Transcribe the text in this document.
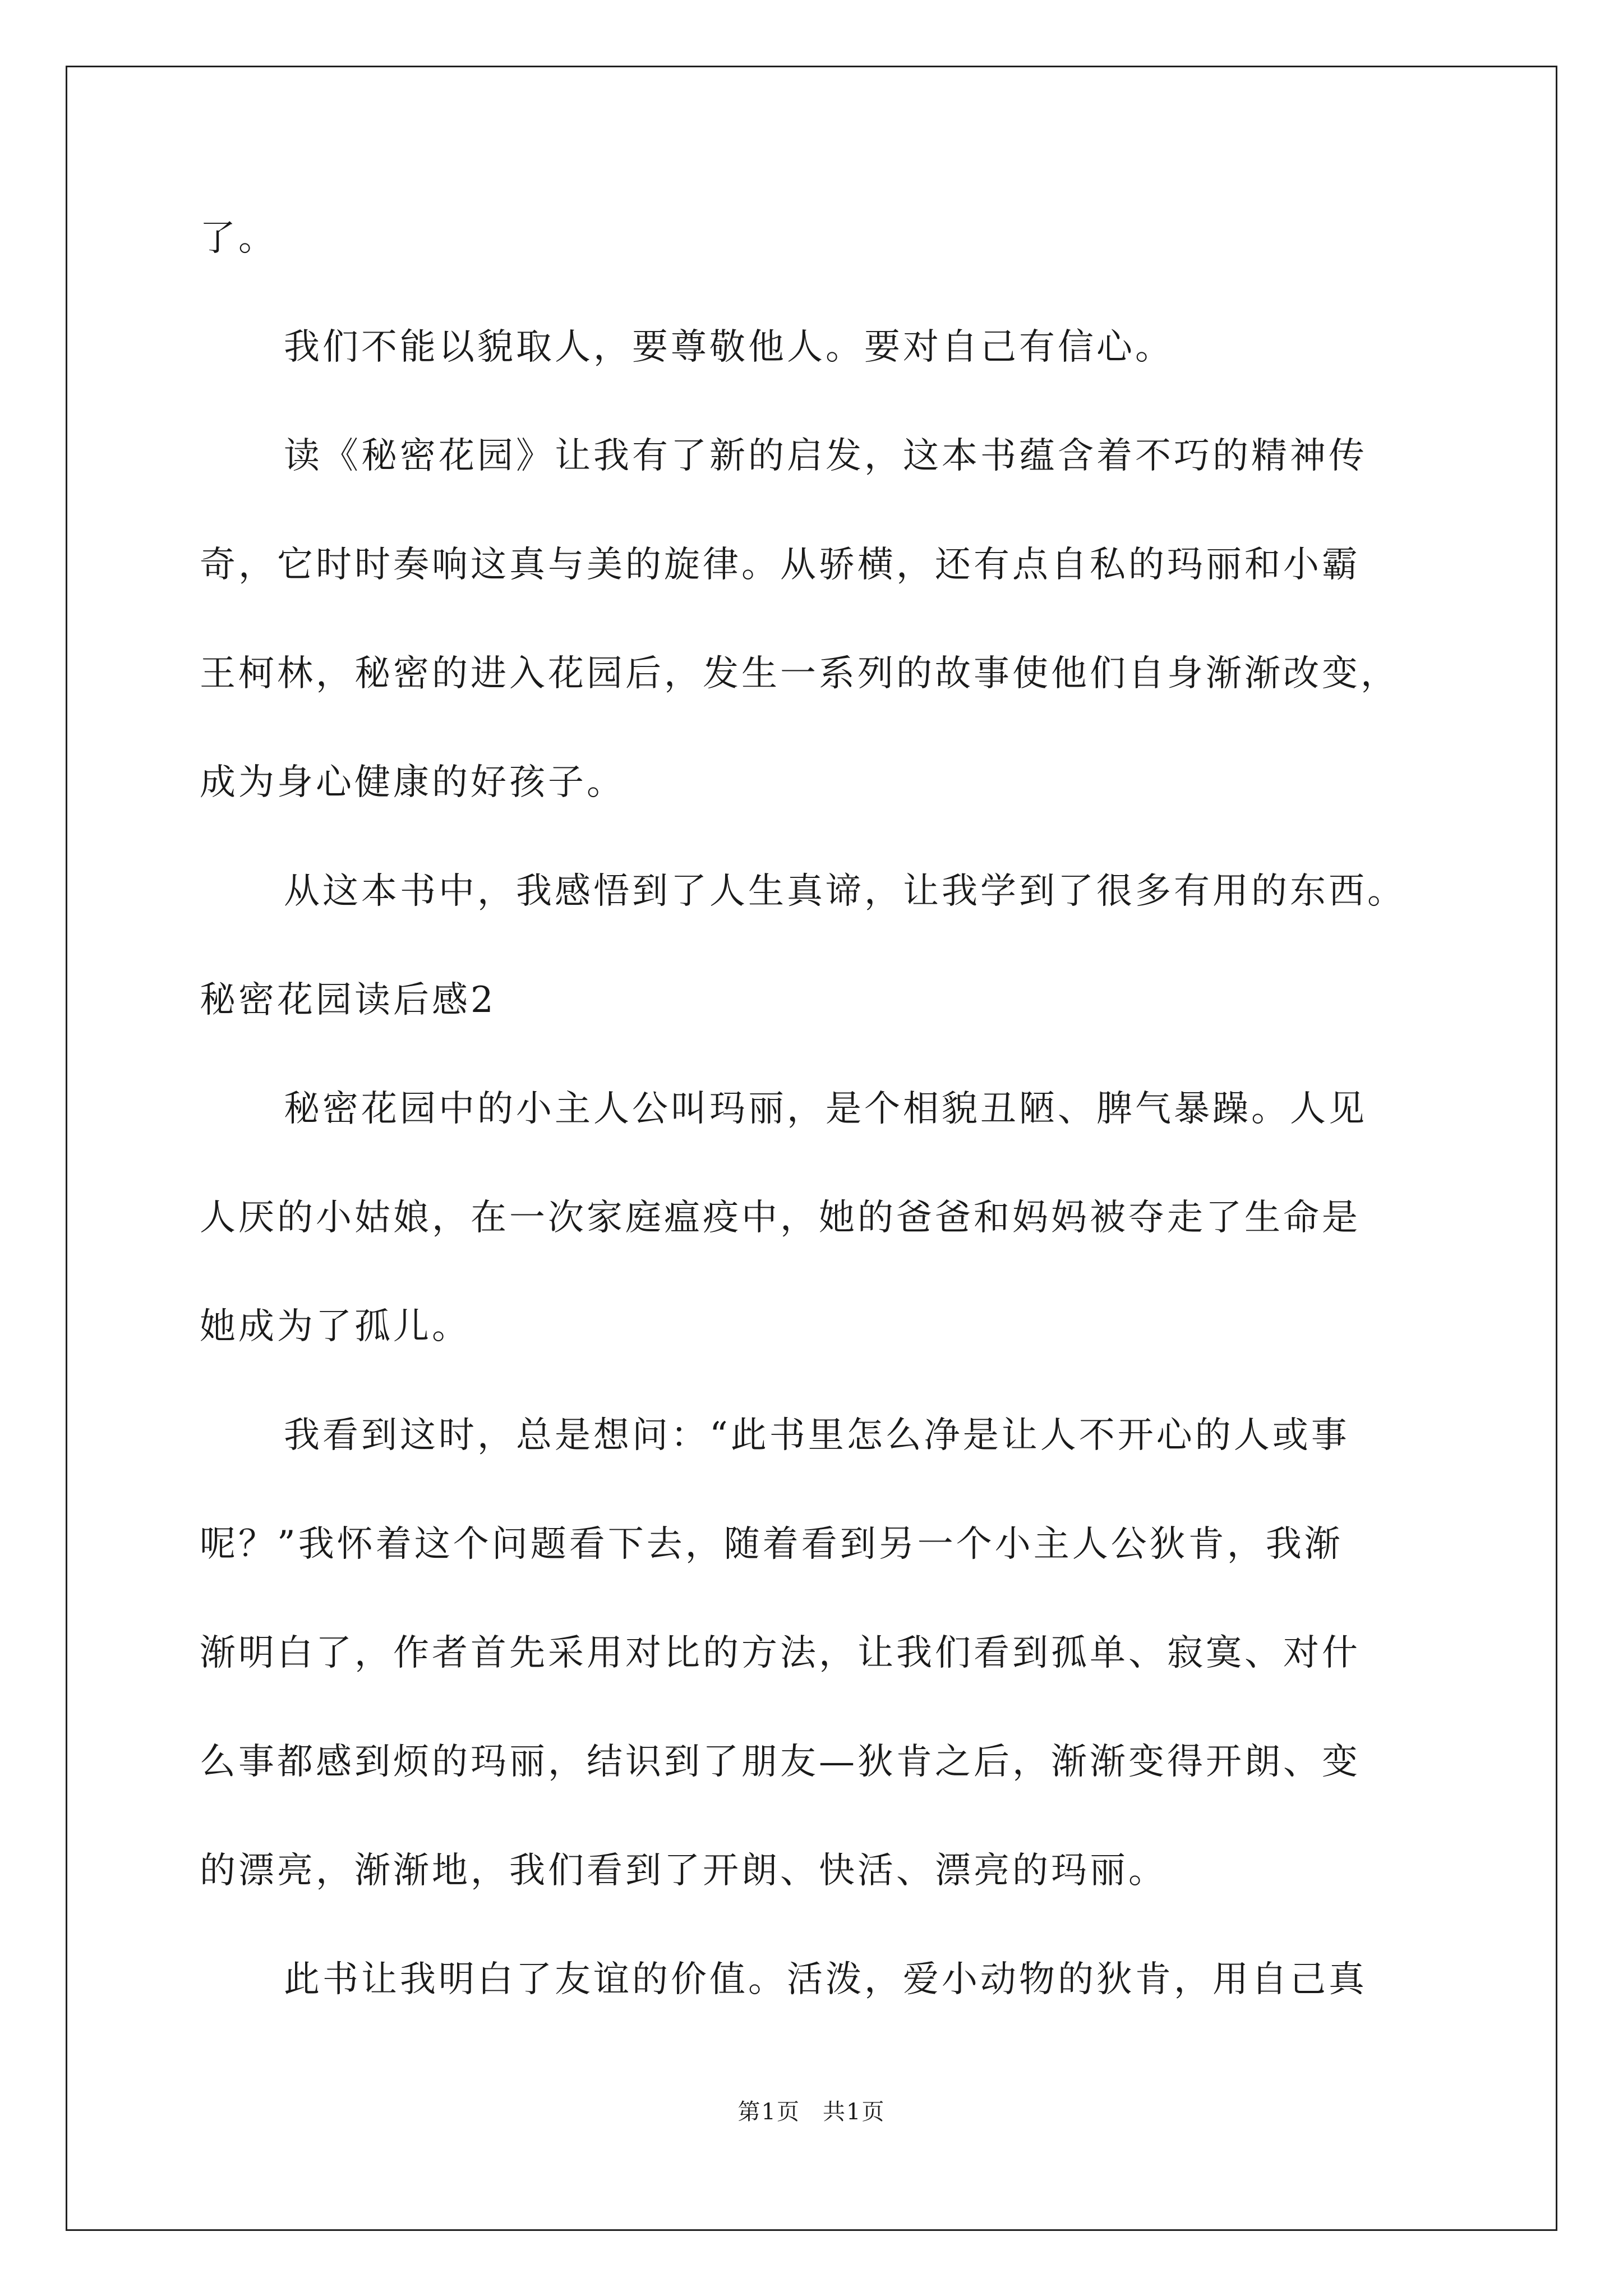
了。
我们不能以貌取人，要尊敬他人。要对自己有信心。
读《秘密花园》让我有了新的启发，这本书蕴含着不巧的精神传
奇，它时时奏响这真与美的旋律。从骄横，还有点自私的玛丽和小霸
王柯林，秘密的进入花园后，发生一系列的故事使他们自身渐渐改变，
成为身心健康的好孩子。
从这本书中，我感悟到了人生真谛，让我学到了很多有用的东西。
秘密花园读后感2
秘密花园中的小主人公叫玛丽，是个相貌丑陋、脾气暴躁。人见
人厌的小姑娘，在一次家庭瘟疫中，她的爸爸和妈妈被夺走了生命是
她成为了孤儿。
我看到这时，总是想问：“此书里怎么净是让人不开心的人或事
呢？”我怀着这个问题看下去，随着看到另一个小主人公狄肯，我渐
渐明白了，作者首先采用对比的方法，让我们看到孤单、寂寞、对什
么事都感到烦的玛丽，结识到了朋友—狄肯之后，渐渐变得开朗、变
的漂亮，渐渐地，我们看到了开朗、快活、漂亮的玛丽。
此书让我明白了友谊的价值。活泼，爱小动物的狄肯，用自己真
第1页 共1页
